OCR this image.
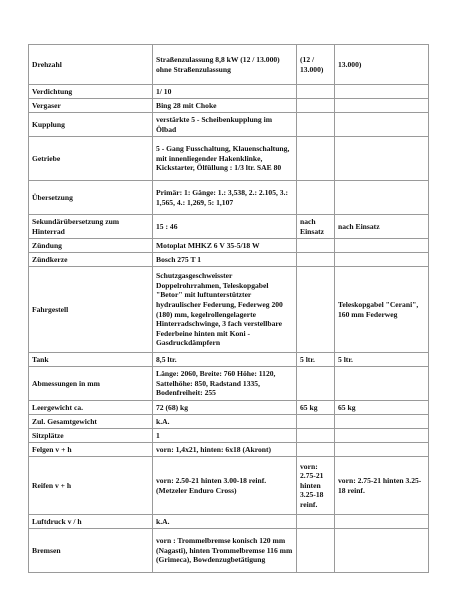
Drehzahl	Straßenzulassung 8,8 kW (12 / 13.000) ohne Straßenzulassung	(12 / 13.000)	13.000)
Verdichtung	1/ 10		
Vergaser	Bing 28 mit Choke		
Kupplung	verstärkte 5 - Scheibenkupplung im Ölbad		
Getriebe	5 - Gang Fusschaltung, Klauenschaltung, mit innenliegender Hakenklinke, Kickstarter, Ölfüllung : 1/3 ltr. SAE 80		
Übersetzung	Primär: 1: Gänge: 1.: 3,538, 2.: 2.105, 3.: 1,565, 4.: 1,269, 5: 1,107		
Sekundärübersetzung zum Hinterrad	15 : 46	nach Einsatz	nach Einsatz
Zündung	Motoplat MHKZ 6 V 35-5/18 W		
Zündkerze	Bosch 275 T 1		
Fahrgestell	Schutzgasgeschweisster Doppelrohrrahmen, Teleskopgabel "Betor" mit luftunterstützter hydraulischer Federung, Federweg 200 (180) mm, kegelrollengelagerte Hinterradschwinge, 3 fach verstellbare Federbeine hinten mit Koni - Gasdruckdämpfern		Teleskopgabel "Cerani", 160 mm Federweg
Tank	8,5 ltr.	5 ltr.	5 ltr.
Abmessungen in mm	Länge: 2060, Breite: 760 Höhe: 1120, Sattelhöhe: 850, Radstand 1335, Bodenfreiheit: 255		
Leergewicht ca.	72 (68) kg	65 kg	65 kg
Zul. Gesamtgewicht	k.A.		
Sitzplätze	1		
Felgen v + h	vorn: 1,4x21, hinten: 6x18 (Akront)		
Reifen v + h	vorn: 2.50-21 hinten 3.00-18 reinf. (Metzeler Enduro Cross)	vorn: 2.75-21 hinten 3.25-18 reinf.	vorn: 2.75-21 hinten 3.25-18 reinf.
Luftdruck v / h	k.A.		
Bremsen	vorn : Trommelbremse konisch 120 mm (Nagasti), hinten Trommelbremse 116 mm (Grimeca), Bowdenzugbetätigung		
